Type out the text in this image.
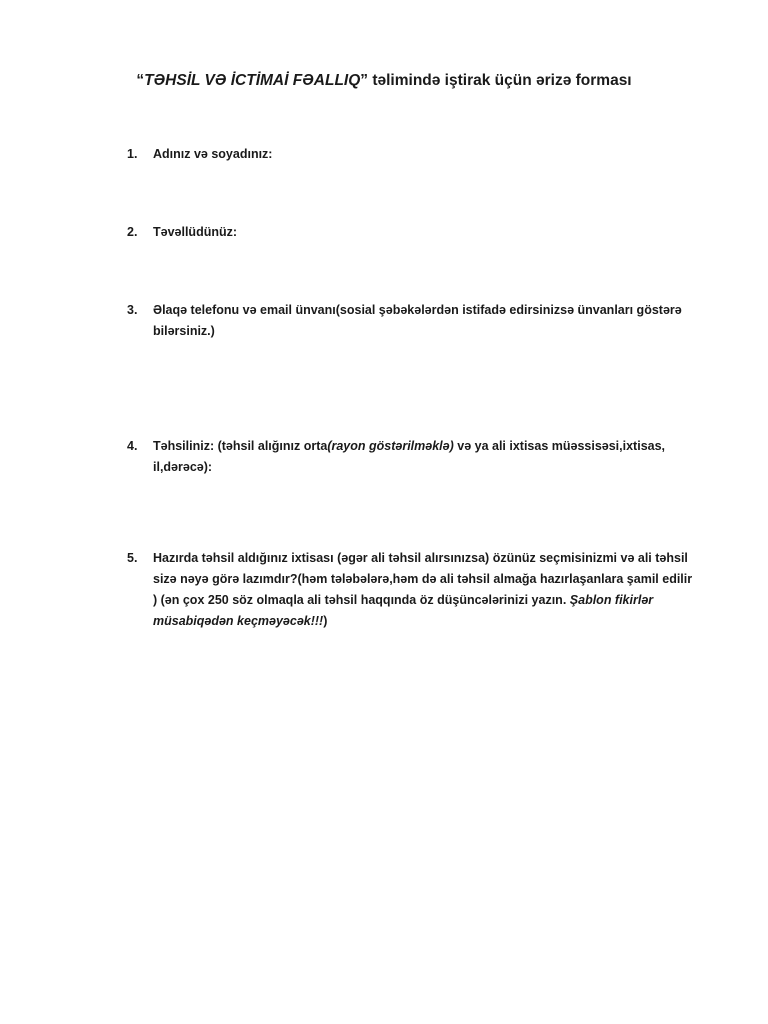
“TƏHSİL VƏ İCTİMAİ FƏALLIQ” təlimində iştirak üçün ərizə forması
1.	Adınız və soyadınız:
2.	Təvəllüdünüz:
3.	Əlaqə telefonu və email ünvanı(sosial şəbəkələrdən istifadə edirsinizsə ünvanları göstərə bilərsiniz.)
4.	Təhsiliniz: (təhsil alığınız orta(rayon göstərilməklə) və ya ali ixtisas müəssisəsi,ixtisas, il,dərəcə):
5.	Hazırda təhsil aldığınız ixtisası (əgər ali təhsil alırsınızsa) özünüz seçmisinizmi və ali təhsil sizə nəyə görə lazımdır?(həm tələbələrə,həm də ali təhsil almağa hazırlaşanlara şamil edilir ) (ən çox 250 söz olmaqla ali təhsil haqqında öz düşüncələrinizi yazın. Şablon fikirlər müsabiqədən keçməyəcək!!!)
